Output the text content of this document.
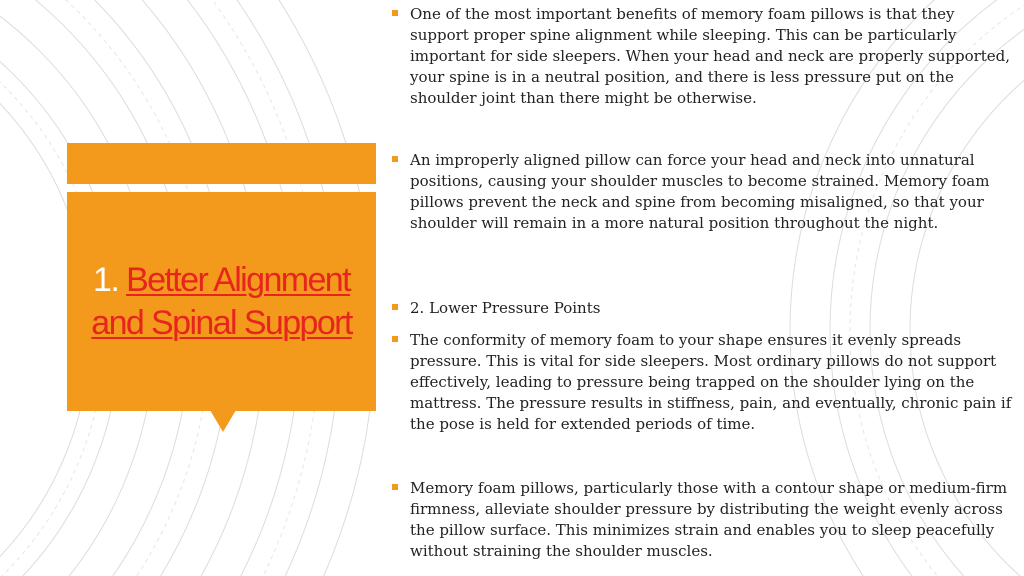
1. Better Alignment and Spinal Support
One of the most important benefits of memory foam pillows is that they support proper spine alignment while sleeping. This can be particularly important for side sleepers. When your head and neck are properly supported, your spine is in a neutral position, and there is less pressure put on the shoulder joint than there might be otherwise.
An improperly aligned pillow can force your head and neck into unnatural positions, causing your shoulder muscles to become strained. Memory foam pillows prevent the neck and spine from becoming misaligned, so that your shoulder will remain in a more natural position throughout the night.
2. Lower Pressure Points
The conformity of memory foam to your shape ensures it evenly spreads pressure. This is vital for side sleepers. Most ordinary pillows do not support effectively, leading to pressure being trapped on the shoulder lying on the mattress. The pressure results in stiffness, pain, and eventually, chronic pain if the pose is held for extended periods of time.
Memory foam pillows, particularly those with a contour shape or medium-firm firmness, alleviate shoulder pressure by distributing the weight evenly across the pillow surface. This minimizes strain and enables you to sleep peacefully without straining the shoulder muscles.
